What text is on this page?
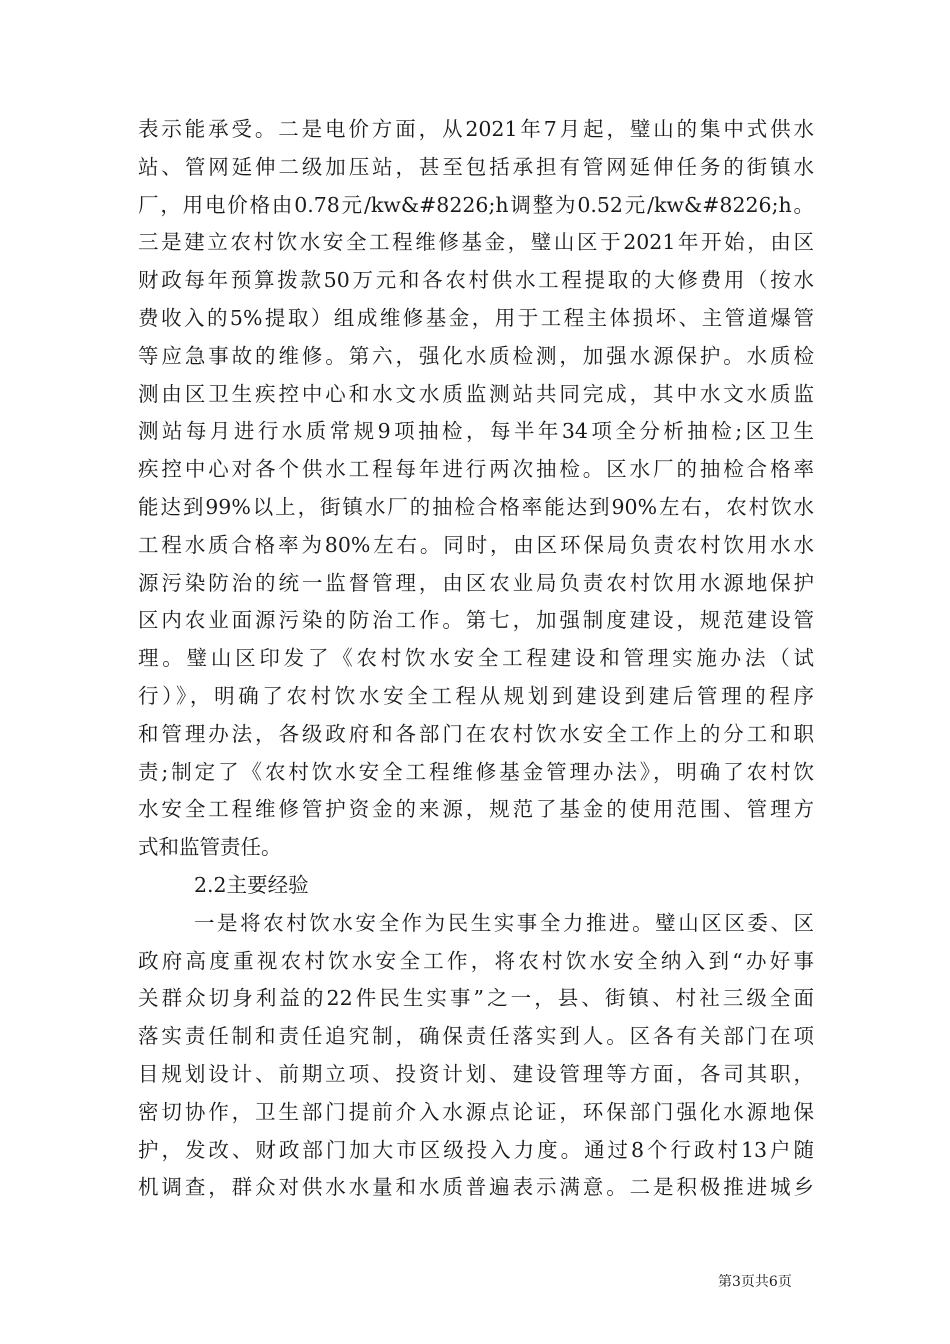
表示能承受。二是电价方面，从2021年7月起，璧山的集中式供水
站、管网延伸二级加压站，甚至包括承担有管网延伸任务的街镇水
厂，用电价格由0.78元/kw&#8226;h调整为0.52元/kw&#8226;h。
三是建立农村饮水安全工程维修基金，璧山区于2021年开始，由区
财政每年预算拨款50万元和各农村供水工程提取的大修费用（按水
费收入的5%提取）组成维修基金，用于工程主体损坏、主管道爆管
等应急事故的维修。第六，强化水质检测，加强水源保护。水质检
测由区卫生疾控中心和水文水质监测站共同完成，其中水文水质监
测站每月进行水质常规9项抽检，每半年34项全分析抽检;区卫生
疾控中心对各个供水工程每年进行两次抽检。区水厂的抽检合格率
能达到99%以上，街镇水厂的抽检合格率能达到90%左右，农村饮水
工程水质合格率为80%左右。同时，由区环保局负责农村饮用水水
源污染防治的统一监督管理，由区农业局负责农村饮用水源地保护
区内农业面源污染的防治工作。第七，加强制度建设，规范建设管
理。璧山区印发了《农村饮水安全工程建设和管理实施办法（试
行）》，明确了农村饮水安全工程从规划到建设到建后管理的程序
和管理办法，各级政府和各部门在农村饮水安全工作上的分工和职
责;制定了《农村饮水安全工程维修基金管理办法》，明确了农村饮
水安全工程维修管护资金的来源，规范了基金的使用范围、管理方
式和监管责任。
2.2主要经验
一是将农村饮水安全作为民生实事全力推进。璧山区区委、区
政府高度重视农村饮水安全工作，将农村饮水安全纳入到“办好事
关群众切身利益的22件民生实事”之一，县、街镇、村社三级全面
落实责任制和责任追究制，确保责任落实到人。区各有关部门在项
目规划设计、前期立项、投资计划、建设管理等方面，各司其职，
密切协作，卫生部门提前介入水源点论证，环保部门强化水源地保
护，发改、财政部门加大市区级投入力度。通过8个行政村13户随
机调查，群众对供水水量和水质普遍表示满意。二是积极推进城乡
第3页共6页
